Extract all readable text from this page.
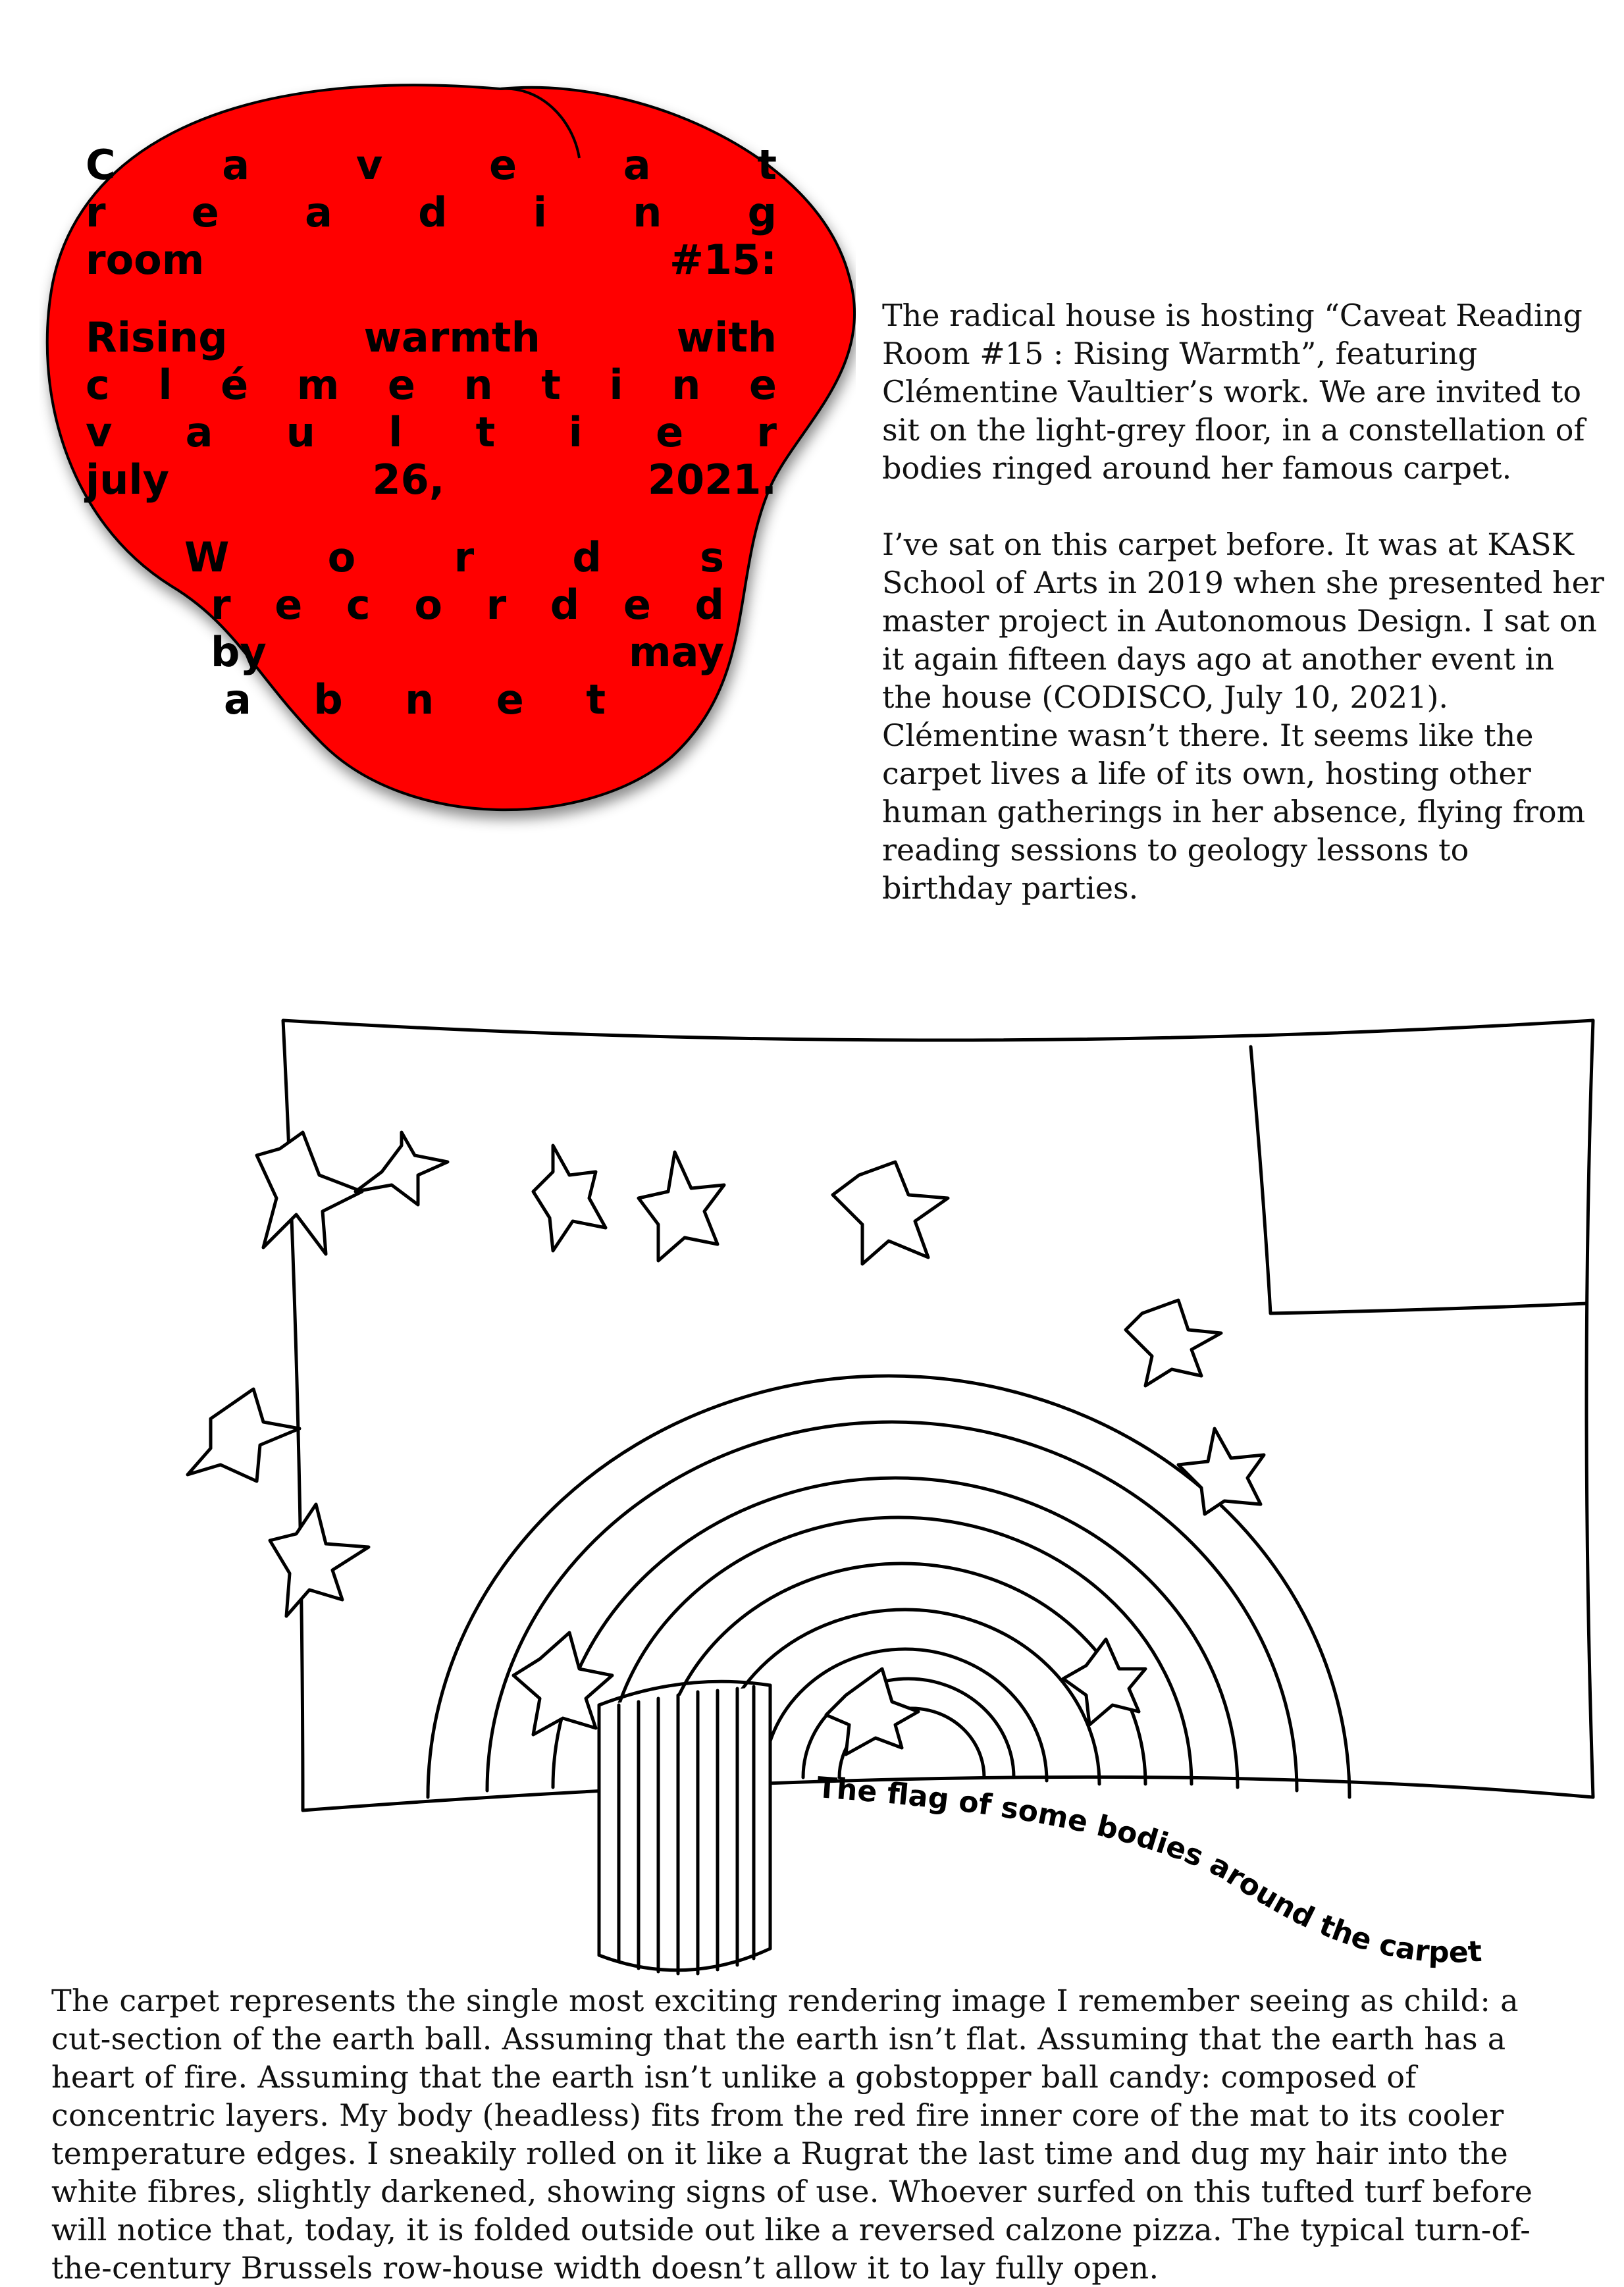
C	a	v	e	a	t
r e a d i n g
room	#15:
Rising	warmth	with
c l é m e n t i n e
v a u l t i e r
july	26,	2021.
W o r d s
r e c o r d e d
by	may
a b n e t

The radical house is hosting “Caveat Reading Room #15 : Rising Warmth”, featuring Clémentine Vaultier’s work. We are invited to sit on the light-grey floor, in a constellation of bodies ringed around her famous carpet.

I’ve sat on this carpet before. It was at KASK School of Arts in 2019 when she presented her master project in Autonomous Design. I sat on it again fifteen days ago at another event in the house (CODISCO, July 10, 2021). Clémentine wasn’t there. It seems like the carpet lives a life of its own, hosting other human gatherings in her absence, flying from reading sessions to geology lessons to birthday parties.

The flag of some bodies around the carpet

The carpet represents the single most exciting rendering image I remember seeing as child: a cut-section of the earth ball. Assuming that the earth isn’t flat. Assuming that the earth has a heart of fire. Assuming that the earth isn’t unlike a gobstopper ball candy: composed of concentric layers. My body (headless) fits from the red fire inner core of the mat to its cooler temperature edges. I sneakily rolled on it like a Rugrat the last time and dug my hair into the white fibres, slightly darkened, showing signs of use. Whoever surfed on this tufted turf before will notice that, today, it is folded outside out like a reversed calzone pizza. The typical turn-of-the-century Brussels row-house width doesn’t allow it to lay fully open.
